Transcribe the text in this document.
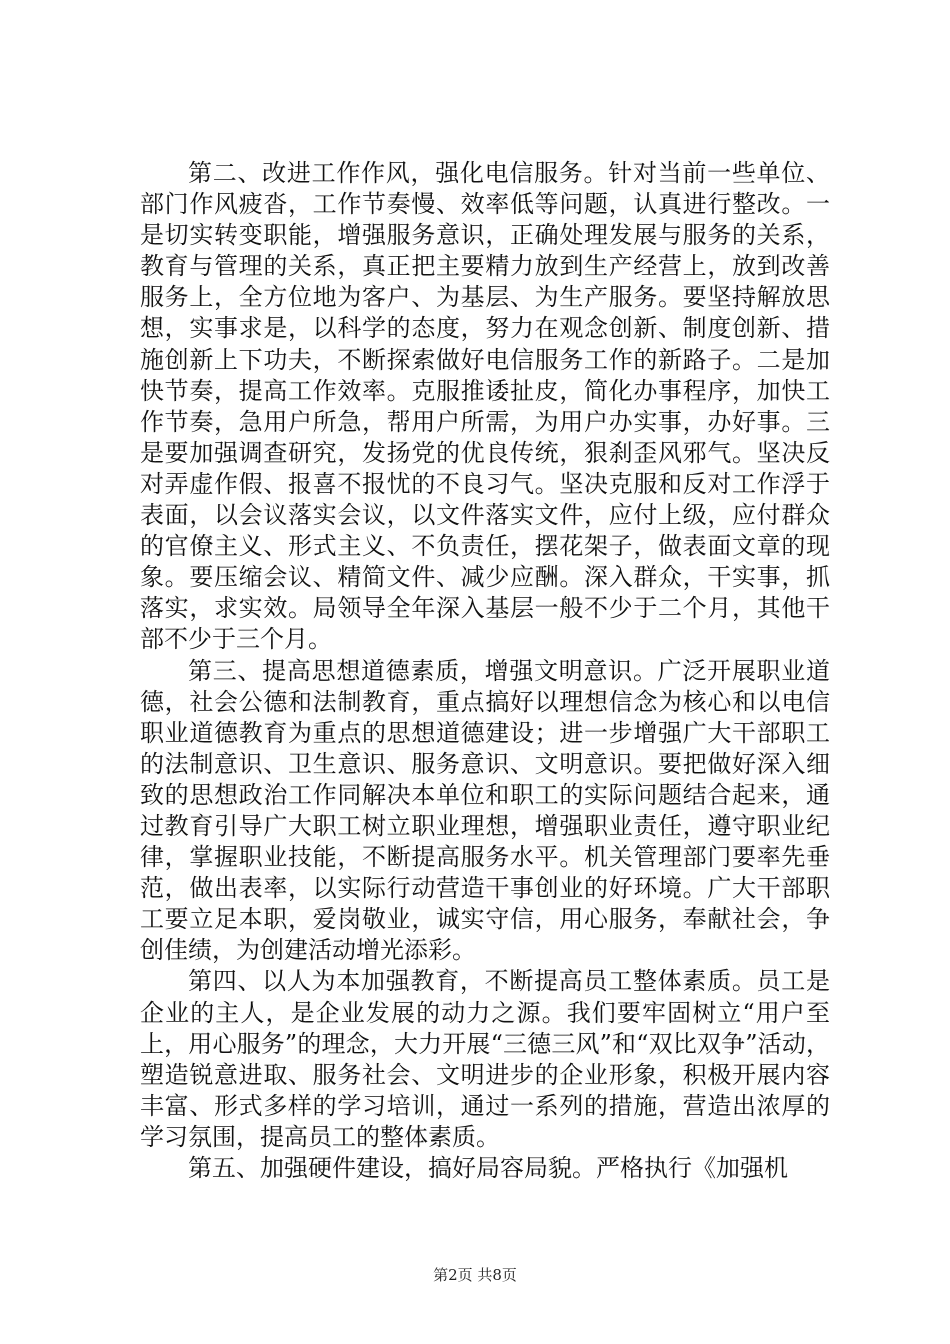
第二、改进工作作风，强化电信服务。针对当前一些单位、部门作风疲沓，工作节奏慢、效率低等问题，认真进行整改。一是切实转变职能，增强服务意识，正确处理发展与服务的关系，教育与管理的关系，真正把主要精力放到生产经营上，放到改善服务上，全方位地为客户、为基层、为生产服务。要坚持解放思想，实事求是，以科学的态度，努力在观念创新、制度创新、措施创新上下功夫，不断探索做好电信服务工作的新路子。二是加快节奏，提高工作效率。克服推诿扯皮，简化办事程序，加快工作节奏，急用户所急，帮用户所需，为用户办实事，办好事。三是要加强调查研究，发扬党的优良传统，狠刹歪风邪气。坚决反对弄虚作假、报喜不报忧的不良习气。坚决克服和反对工作浮于表面，以会议落实会议，以文件落实文件，应付上级，应付群众的官僚主义、形式主义、不负责任，摆花架子，做表面文章的现象。要压缩会议、精简文件、减少应酬。深入群众，干实事，抓落实，求实效。局领导全年深入基层一般不少于二个月，其他干部不少于三个月。

第三、提高思想道德素质，增强文明意识。广泛开展职业道德，社会公德和法制教育，重点搞好以理想信念为核心和以电信职业道德教育为重点的思想道德建设；进一步增强广大干部职工的法制意识、卫生意识、服务意识、文明意识。要把做好深入细致的思想政治工作同解决本单位和职工的实际问题结合起来，通过教育引导广大职工树立职业理想，增强职业责任，遵守职业纪律，掌握职业技能，不断提高服务水平。机关管理部门要率先垂范，做出表率，以实际行动营造干事创业的好环境。广大干部职工要立足本职，爱岗敬业，诚实守信，用心服务，奉献社会，争创佳绩，为创建活动增光添彩。

第四、以人为本加强教育，不断提高员工整体素质。员工是企业的主人，是企业发展的动力之源。我们要牢固树立“用户至上，用心服务”的理念，大力开展“三德三风”和“双比双争”活动，塑造锐意进取、服务社会、文明进步的企业形象，积极开展内容丰富、形式多样的学习培训，通过一系列的措施，营造出浓厚的学习氛围，提高员工的整体素质。

第五、加强硬件建设，搞好局容局貌。严格执行《加强机

第2页 共8页
